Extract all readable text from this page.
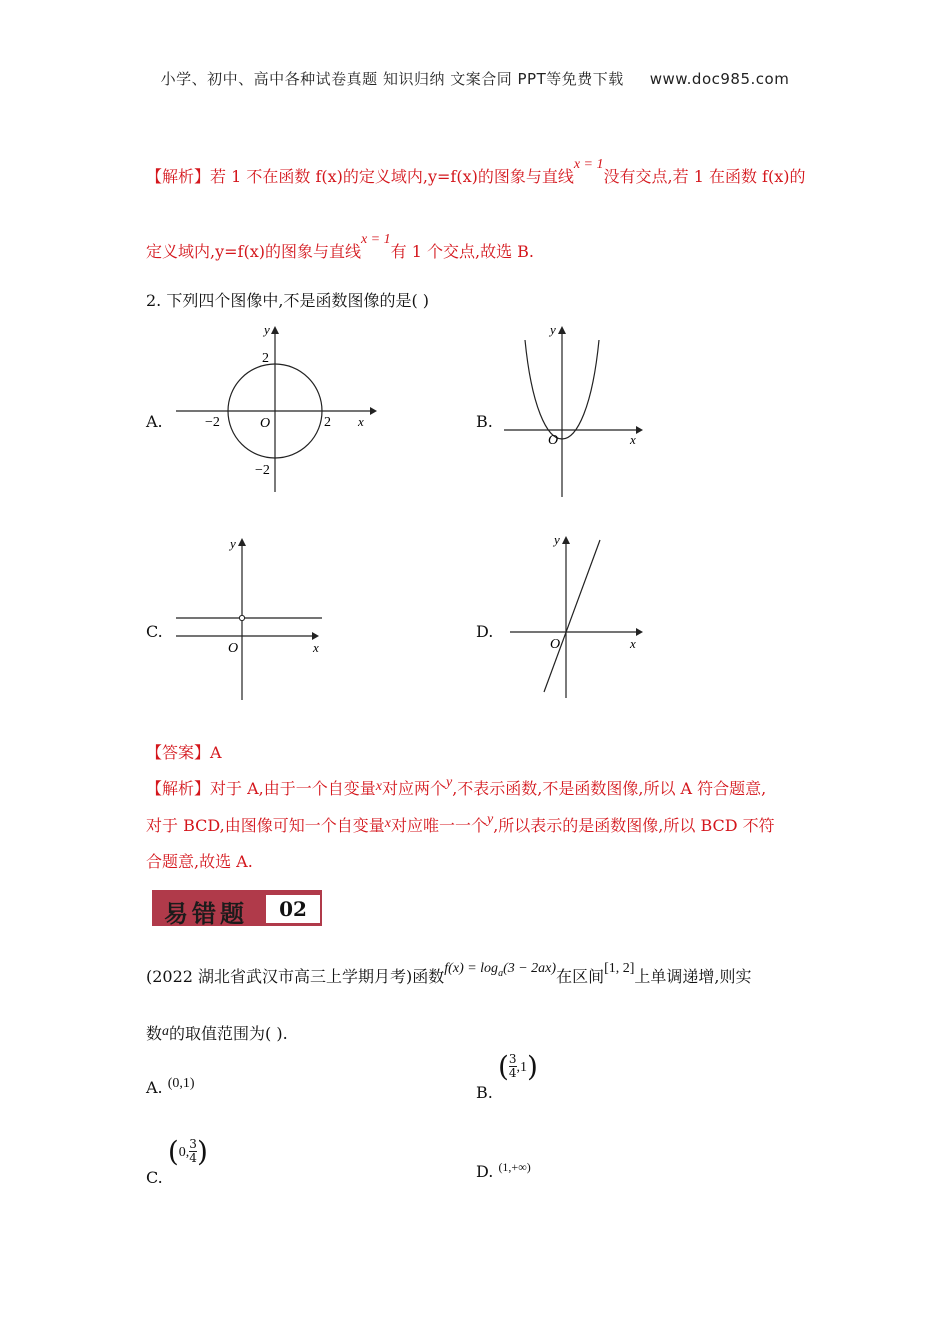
小学、初中、高中各种试卷真题 知识归纳 文案合同 PPT等免费下载 www.doc985.com
【解析】若 1 不在函数 f(x)的定义域内,y=f(x)的图象与直线x = 1没有交点,若 1 在函数 f(x)的
定义域内,y=f(x)的图象与直线x = 1有 1 个交点,故选 B.
2. 下列四个图像中,不是函数图像的是( )
A.	B.
C.	D.
y
x
O
2
−2
2
−2
y
x
O
y
x
O
y
x
O
【答案】A
【解析】对于 A,由于一个自变量x对应两个y,不表示函数,不是函数图像,所以 A 符合题意,
对于 BCD,由图像可知一个自变量x对应唯一一个y,所以表示的是函数图像,所以 BCD 不符
合题意,故选 A.
易错题	02
(2022 湖北省武汉市高三上学期月考)函数$f(x) = \log_a(3 - 2ax)$在区间[1, 2]上单调递增,则实
数a的取值范围为( ).
A. (0,1)	B. ( $\frac{3}{4} ,1$)
C. (0, $\frac{3}{4}$ )
D. $^{(1,+\infty)}$
